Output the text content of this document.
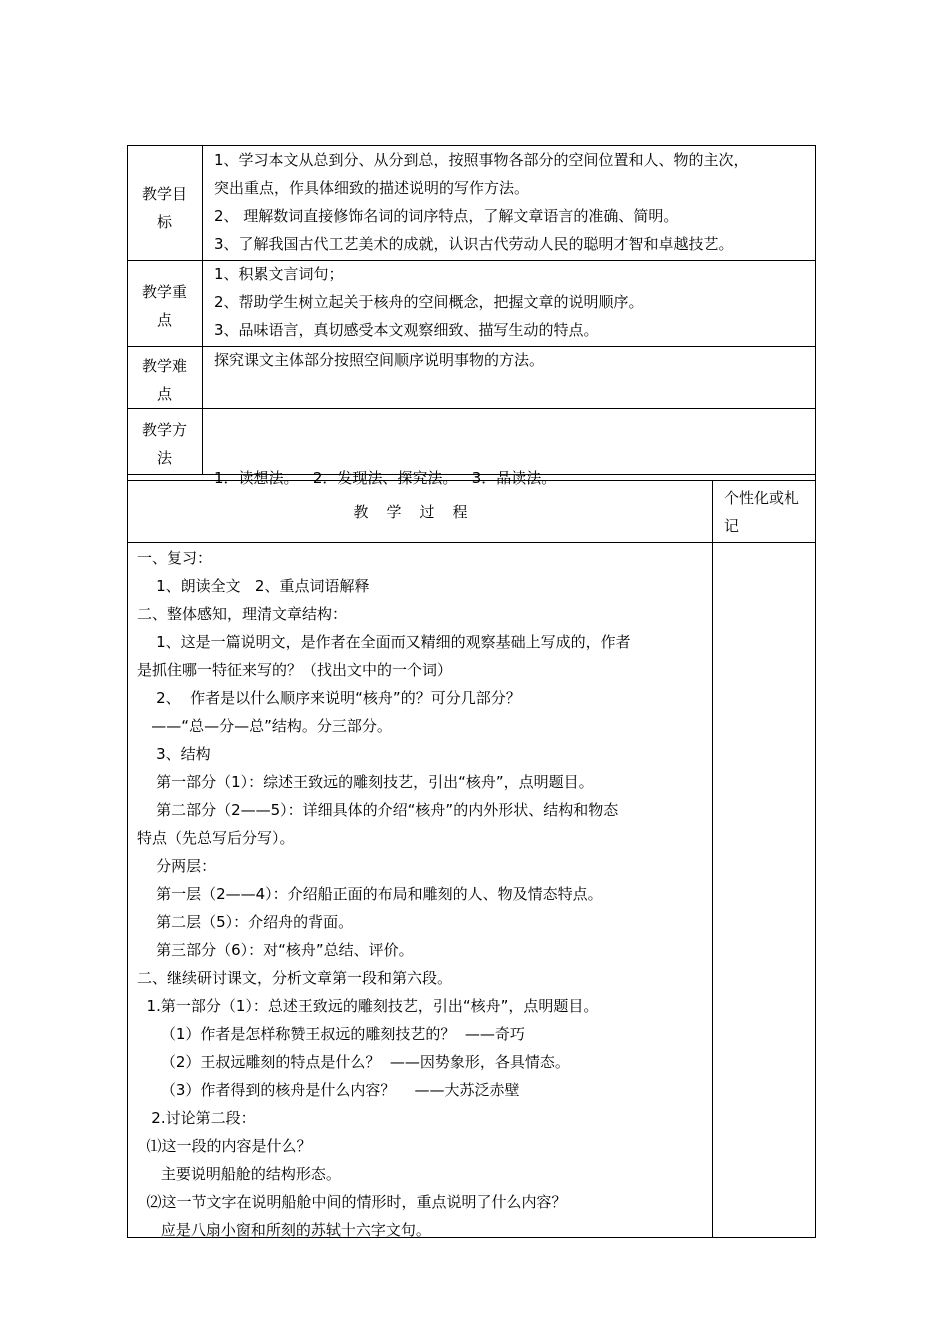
教学目
标
教学重
点
教学难
点
教学方
法
1、学习本文从总到分、从分到总，按照事物各部分的空间位置和人、物的主次，
突出重点，作具体细致的描述说明的写作方法。
2、 理解数词直接修饰名词的词序特点，了解文章语言的准确、简明。
3、了解我国古代工艺美术的成就，认识古代劳动人民的聪明才智和卓越技艺。
1、积累文言词句；
2、帮助学生树立起关于核舟的空间概念，把握文章的说明顺序。
3、品味语言，真切感受本文观察细致、描写生动的特点。
探究课文主体部分按照空间顺序说明事物的方法。

1．读想法。   2．发现法、探究法。   3．品读法。

教学过程
个性化或札记
一、复习：
1、朗读全文   2、重点词语解释
二、整体感知，理清文章结构：
1、这是一篇说明文，是作者在全面而又精细的观察基础上写成的，作者
是抓住哪一特征来写的？（找出文中的一个词）
2、  作者是以什么顺序来说明“核舟”的？可分几部分？
——“总—分—总”结构。分三部分。
3、结构
第一部分（1）：综述王致远的雕刻技艺，引出“核舟”，点明题目。
第二部分（2——5）：详细具体的介绍“核舟”的内外形状、结构和物态
特点（先总写后分写）。
分两层：
第一层（2——4）：介绍船正面的布局和雕刻的人、物及情态特点。
第二层（5）：介绍舟的背面。
第三部分（6）：对“核舟”总结、评价。
二、继续研讨课文，分析文章第一段和第六段。
1.第一部分（1）：总述王致远的雕刻技艺，引出“核舟”，点明题目。
（1）作者是怎样称赞王叔远的雕刻技艺的？  ——奇巧
（2）王叔远雕刻的特点是什么？  ——因势象形，各具情态。
（3）作者得到的核舟是什么内容？    ——大苏泛赤壁
2.讨论第二段：
⑴这一段的内容是什么？
主要说明船舱的结构形态。
⑵这一节文字在说明船舱中间的情形时，重点说明了什么内容？
应是八扇小窗和所刻的苏轼十六字文句。
